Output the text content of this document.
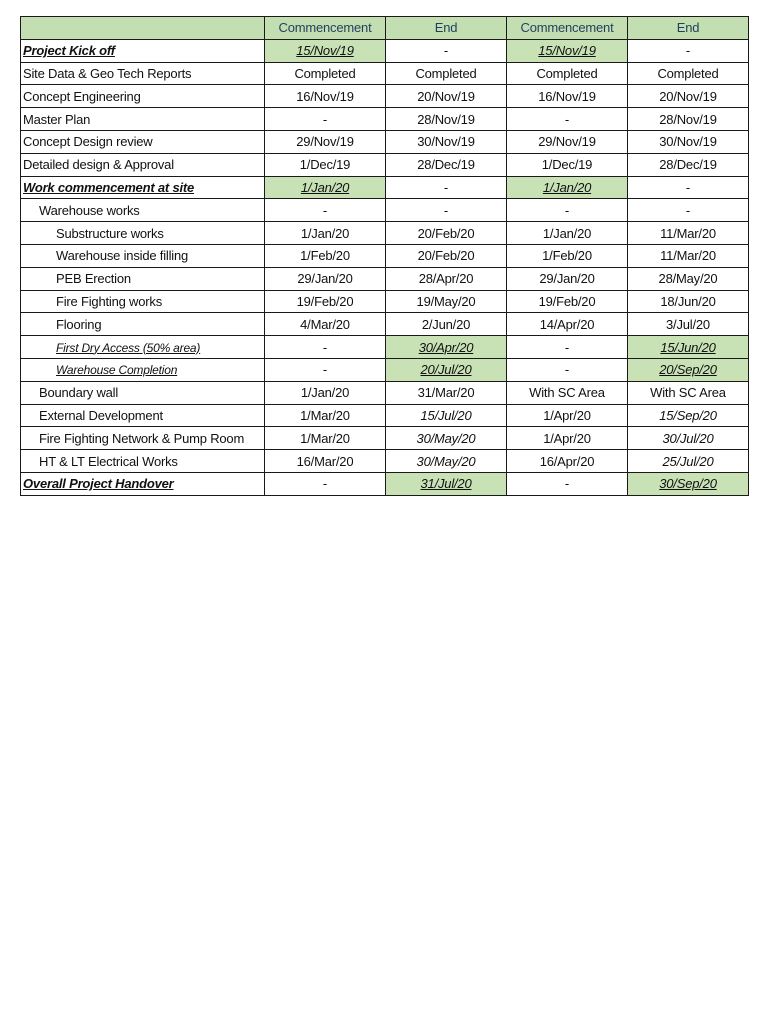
	Commencement	End	Commencement	End
Project Kick off	15/Nov/19	-	15/Nov/19	-
Site Data & Geo Tech Reports	Completed	Completed	Completed	Completed
Concept Engineering	16/Nov/19	20/Nov/19	16/Nov/19	20/Nov/19
Master Plan	-	28/Nov/19	-	28/Nov/19
Concept Design review	29/Nov/19	30/Nov/19	29/Nov/19	30/Nov/19
Detailed design & Approval	1/Dec/19	28/Dec/19	1/Dec/19	28/Dec/19
Work commencement at site	1/Jan/20	-	1/Jan/20	-
Warehouse works	-	-	-	-
Substructure works	1/Jan/20	20/Feb/20	1/Jan/20	11/Mar/20
Warehouse inside filling	1/Feb/20	20/Feb/20	1/Feb/20	11/Mar/20
PEB Erection	29/Jan/20	28/Apr/20	29/Jan/20	28/May/20
Fire Fighting works	19/Feb/20	19/May/20	19/Feb/20	18/Jun/20
Flooring	4/Mar/20	2/Jun/20	14/Apr/20	3/Jul/20
First Dry Access (50% area)	-	30/Apr/20	-	15/Jun/20
Warehouse Completion	-	20/Jul/20	-	20/Sep/20
Boundary wall	1/Jan/20	31/Mar/20	With SC Area	With SC Area
External Development	1/Mar/20	15/Jul/20	1/Apr/20	15/Sep/20
Fire Fighting Network & Pump Room	1/Mar/20	30/May/20	1/Apr/20	30/Jul/20
HT & LT Electrical Works	16/Mar/20	30/May/20	16/Apr/20	25/Jul/20
Overall Project Handover	-	31/Jul/20	-	30/Sep/20
